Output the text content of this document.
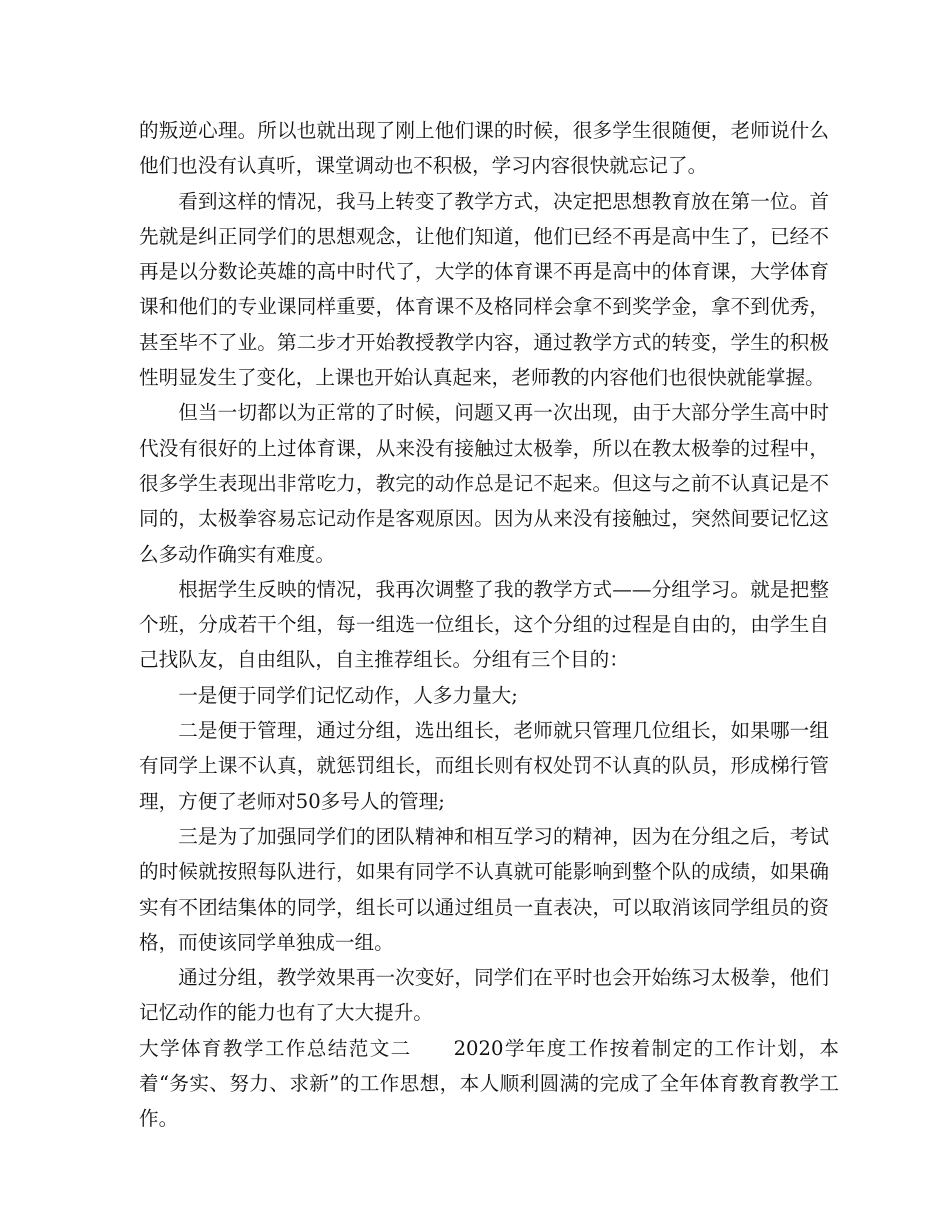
的叛逆心理。所以也就出现了刚上他们课的时候，很多学生很随便，老师说什么他们也没有认真听，课堂调动也不积极，学习内容很快就忘记了。

看到这样的情况，我马上转变了教学方式，决定把思想教育放在第一位。首先就是纠正同学们的思想观念，让他们知道，他们已经不再是高中生了，已经不再是以分数论英雄的高中时代了，大学的体育课不再是高中的体育课，大学体育课和他们的专业课同样重要，体育课不及格同样会拿不到奖学金，拿不到优秀，甚至毕不了业。第二步才开始教授教学内容，通过教学方式的转变，学生的积极性明显发生了变化，上课也开始认真起来，老师教的内容他们也很快就能掌握。

但当一切都以为正常的了时候，问题又再一次出现，由于大部分学生高中时代没有很好的上过体育课，从来没有接触过太极拳，所以在教太极拳的过程中，很多学生表现出非常吃力，教完的动作总是记不起来。但这与之前不认真记是不同的，太极拳容易忘记动作是客观原因。因为从来没有接触过，突然间要记忆这么多动作确实有难度。

根据学生反映的情况，我再次调整了我的教学方式——分组学习。就是把整个班，分成若干个组，每一组选一位组长，这个分组的过程是自由的，由学生自己找队友，自由组队，自主推荐组长。分组有三个目的：

一是便于同学们记忆动作，人多力量大;

二是便于管理，通过分组，选出组长，老师就只管理几位组长，如果哪一组有同学上课不认真，就惩罚组长，而组长则有权处罚不认真的队员，形成梯行管理，方便了老师对50多号人的管理;

三是为了加强同学们的团队精神和相互学习的精神，因为在分组之后，考试的时候就按照每队进行，如果有同学不认真就可能影响到整个队的成绩，如果确实有不团结集体的同学，组长可以通过组员一直表决，可以取消该同学组员的资格，而使该同学单独成一组。

通过分组，教学效果再一次变好，同学们在平时也会开始练习太极拳，他们记忆动作的能力也有了大大提升。

大学体育教学工作总结范文二　　2020学年度工作按着制定的工作计划，本着“务实、努力、求新”的工作思想，本人顺利圆满的完成了全年体育教育教学工作。
